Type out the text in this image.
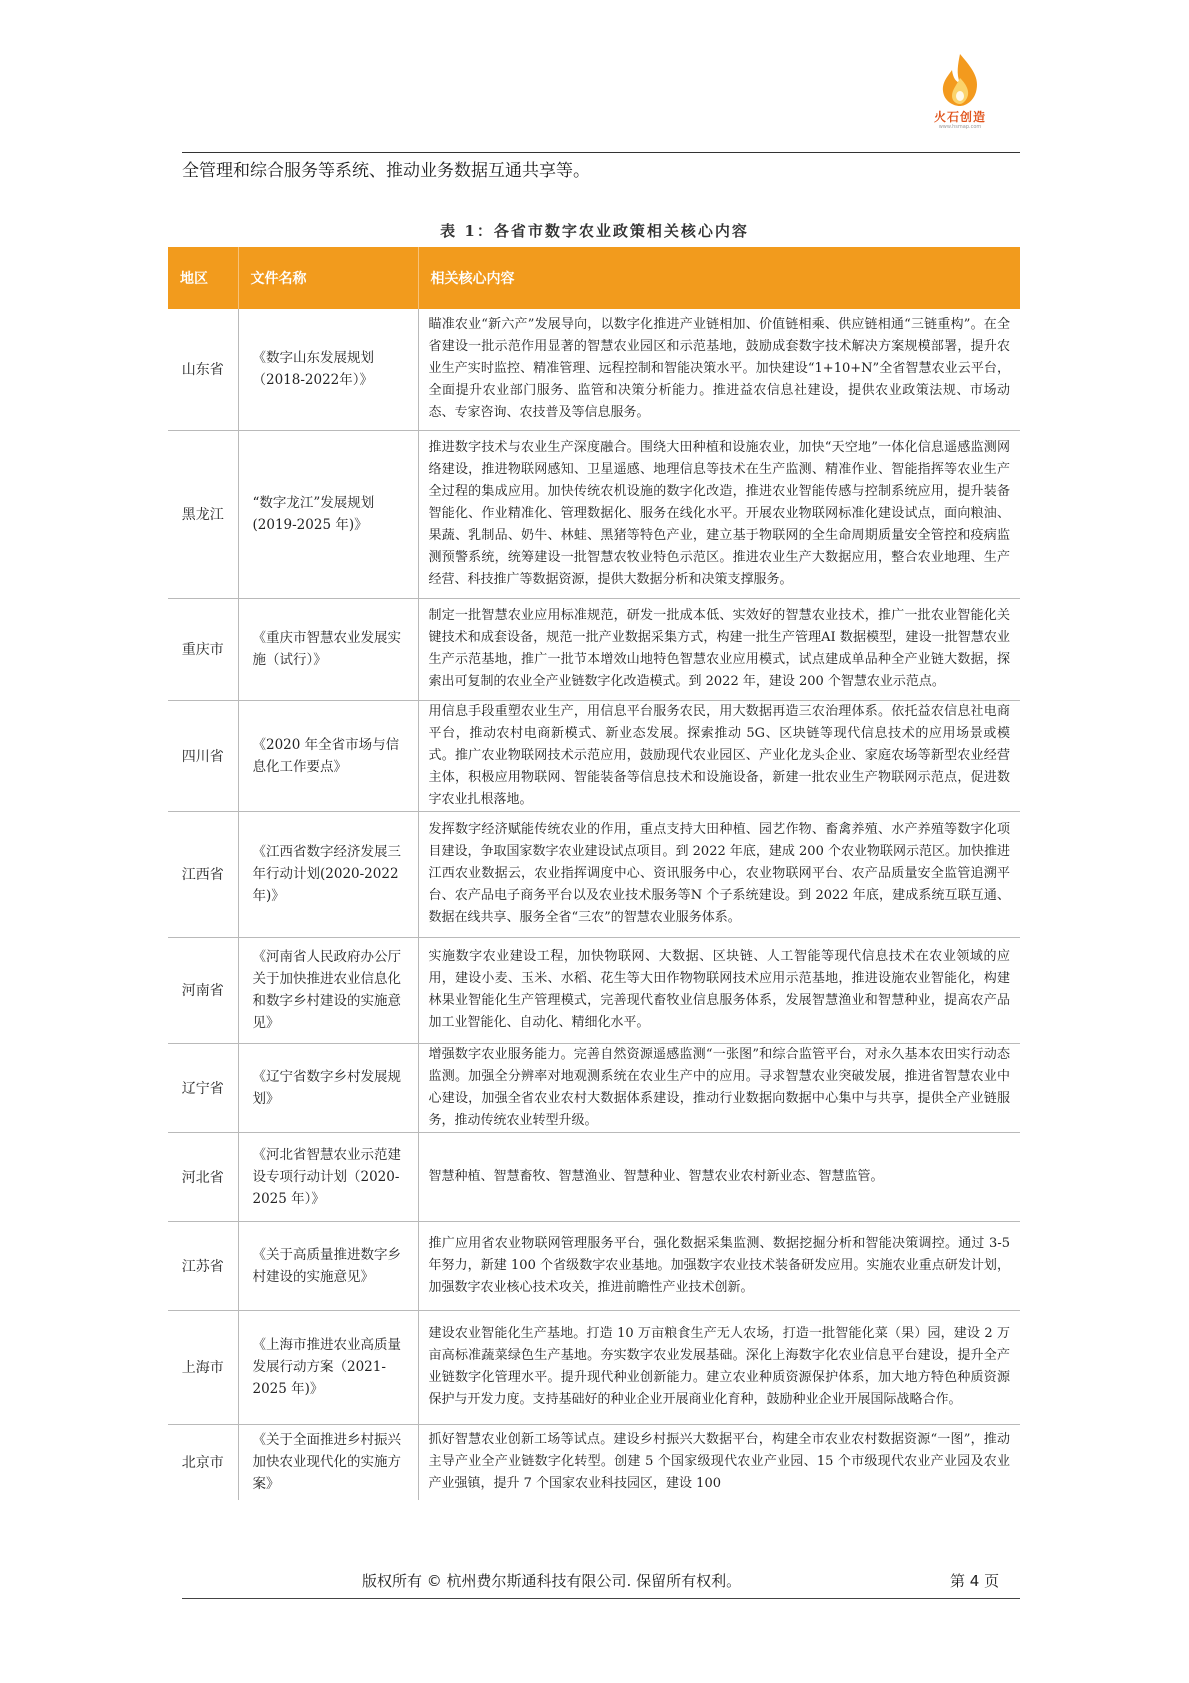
火石创造
www.hsmap.com
全管理和综合服务等系统、推动业务数据互通共享等。
表 1：各省市数字农业政策相关核心内容
地区	文件名称	相关核心内容
山东省	《数字山东发展规划（2018-2022年）》	瞄准农业“新六产”发展导向，以数字化推进产业链相加、价值链相乘、供应链相通“三链重构”。在全省建设一批示范作用显著的智慧农业园区和示范基地，鼓励成套数字技术解决方案规模部署，提升农业生产实时监控、精准管理、远程控制和智能决策水平。加快建设“1+10+N”全省智慧农业云平台，全面提升农业部门服务、监管和决策分析能力。推进益农信息社建设，提供农业政策法规、市场动态、专家咨询、农技普及等信息服务。
黑龙江	“数字龙江”发展规划(2019-2025 年)》	推进数字技术与农业生产深度融合。围绕大田种植和设施农业，加快“天空地”一体化信息遥感监测网络建设，推进物联网感知、卫星遥感、地理信息等技术在生产监测、精准作业、智能指挥等农业生产全过程的集成应用。加快传统农机设施的数字化改造，推进农业智能传感与控制系统应用，提升装备智能化、作业精准化、管理数据化、服务在线化水平。开展农业物联网标准化建设试点，面向粮油、果蔬、乳制品、奶牛、林蛙、黑猪等特色产业，建立基于物联网的全生命周期质量安全管控和疫病监测预警系统，统筹建设一批智慧农牧业特色示范区。推进农业生产大数据应用，整合农业地理、生产经营、科技推广等数据资源，提供大数据分析和决策支撑服务。
重庆市	《重庆市智慧农业发展实施（试行）》	制定一批智慧农业应用标准规范，研发一批成本低、实效好的智慧农业技术，推广一批农业智能化关键技术和成套设备，规范一批产业数据采集方式，构建一批生产管理AI 数据模型，建设一批智慧农业生产示范基地，推广一批节本增效山地特色智慧农业应用模式，试点建成单品种全产业链大数据，探索出可复制的农业全产业链数字化改造模式。到 2022 年，建设 200 个智慧农业示范点。
四川省	《2020 年全省市场与信息化工作要点》	用信息手段重塑农业生产，用信息平台服务农民，用大数据再造三农治理体系。依托益农信息社电商平台，推动农村电商新模式、新业态发展。探索推动 5G、区块链等现代信息技术的应用场景或模式。推广农业物联网技术示范应用，鼓励现代农业园区、产业化龙头企业、家庭农场等新型农业经营主体，积极应用物联网、智能装备等信息技术和设施设备，新建一批农业生产物联网示范点，促进数字农业扎根落地。
江西省	《江西省数字经济发展三年行动计划(2020-2022 年)》	发挥数字经济赋能传统农业的作用，重点支持大田种植、园艺作物、畜禽养殖、水产养殖等数字化项目建设，争取国家数字农业建设试点项目。到 2022 年底，建成 200 个农业物联网示范区。加快推进江西农业数据云，农业指挥调度中心、资讯服务中心，农业物联网平台、农产品质量安全监管追溯平台、农产品电子商务平台以及农业技术服务等N 个子系统建设。到 2022 年底，建成系统互联互通、数据在线共享、服务全省“三农”的智慧农业服务体系。
河南省	《河南省人民政府办公厅关于加快推进农业信息化和数字乡村建设的实施意见》	实施数字农业建设工程，加快物联网、大数据、区块链、人工智能等现代信息技术在农业领域的应用，建设小麦、玉米、水稻、花生等大田作物物联网技术应用示范基地，推进设施农业智能化，构建林果业智能化生产管理模式，完善现代畜牧业信息服务体系，发展智慧渔业和智慧种业，提高农产品加工业智能化、自动化、精细化水平。
辽宁省	《辽宁省数字乡村发展规划》	增强数字农业服务能力。完善自然资源遥感监测“一张图”和综合监管平台，对永久基本农田实行动态监测。加强全分辨率对地观测系统在农业生产中的应用。寻求智慧农业突破发展，推进省智慧农业中心建设，加强全省农业农村大数据体系建设，推动行业数据向数据中心集中与共享，提供全产业链服务，推动传统农业转型升级。
河北省	《河北省智慧农业示范建设专项行动计划（2020-2025 年）》	智慧种植、智慧畜牧、智慧渔业、智慧种业、智慧农业农村新业态、智慧监管。
江苏省	《关于高质量推进数字乡村建设的实施意见》	推广应用省农业物联网管理服务平台，强化数据采集监测、数据挖掘分析和智能决策调控。通过 3-5 年努力，新建 100 个省级数字农业基地。加强数字农业技术装备研发应用。实施农业重点研发计划，加强数字农业核心技术攻关，推进前瞻性产业技术创新。
上海市	《上海市推进农业高质量发展行动方案（2021-2025 年)》	建设农业智能化生产基地。打造 10 万亩粮食生产无人农场，打造一批智能化菜（果）园，建设 2 万亩高标准蔬菜绿色生产基地。夯实数字农业发展基础。深化上海数字化农业信息平台建设，提升全产业链数字化管理水平。提升现代种业创新能力。建立农业种质资源保护体系，加大地方特色种质资源保护与开发力度。支持基础好的种业企业开展商业化育种，鼓励种业企业开展国际战略合作。
北京市	《关于全面推进乡村振兴加快农业现代化的实施方案》	抓好智慧农业创新工场等试点。建设乡村振兴大数据平台，构建全市农业农村数据资源“一图”，推动主导产业全产业链数字化转型。创建 5 个国家级现代农业产业园、15 个市级现代农业产业园及农业产业强镇，提升 7 个国家农业科技园区，建设 100
版权所有 © 杭州费尔斯通科技有限公司. 保留所有权利。	第 4 页
